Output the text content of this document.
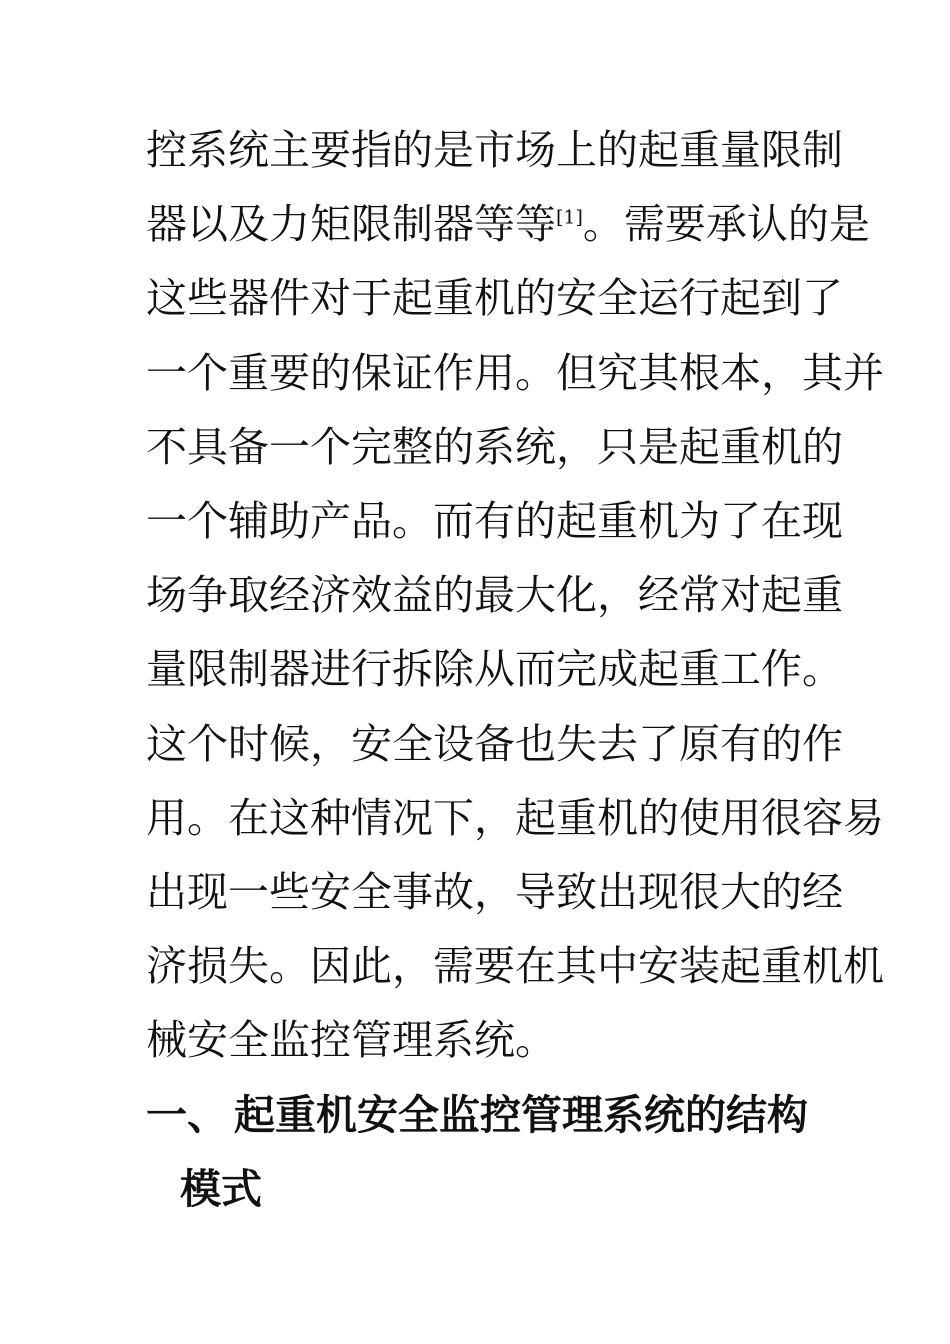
控系统主要指的是市场上的起重量限制
器以及力矩限制器等等[1]。需要承认的是
这些器件对于起重机的安全运行起到了
一个重要的保证作用。但究其根本，其并
不具备一个完整的系统，只是起重机的
一个辅助产品。而有的起重机为了在现
场争取经济效益的最大化，经常对起重
量限制器进行拆除从而完成起重工作。
这个时候，安全设备也失去了原有的作
用。在这种情况下，起重机的使用很容易
出现一些安全事故，导致出现很大的经
济损失。因此，需要在其中安装起重机机
械安全监控管理系统。
一、 起重机安全监控管理系统的结构
模式
